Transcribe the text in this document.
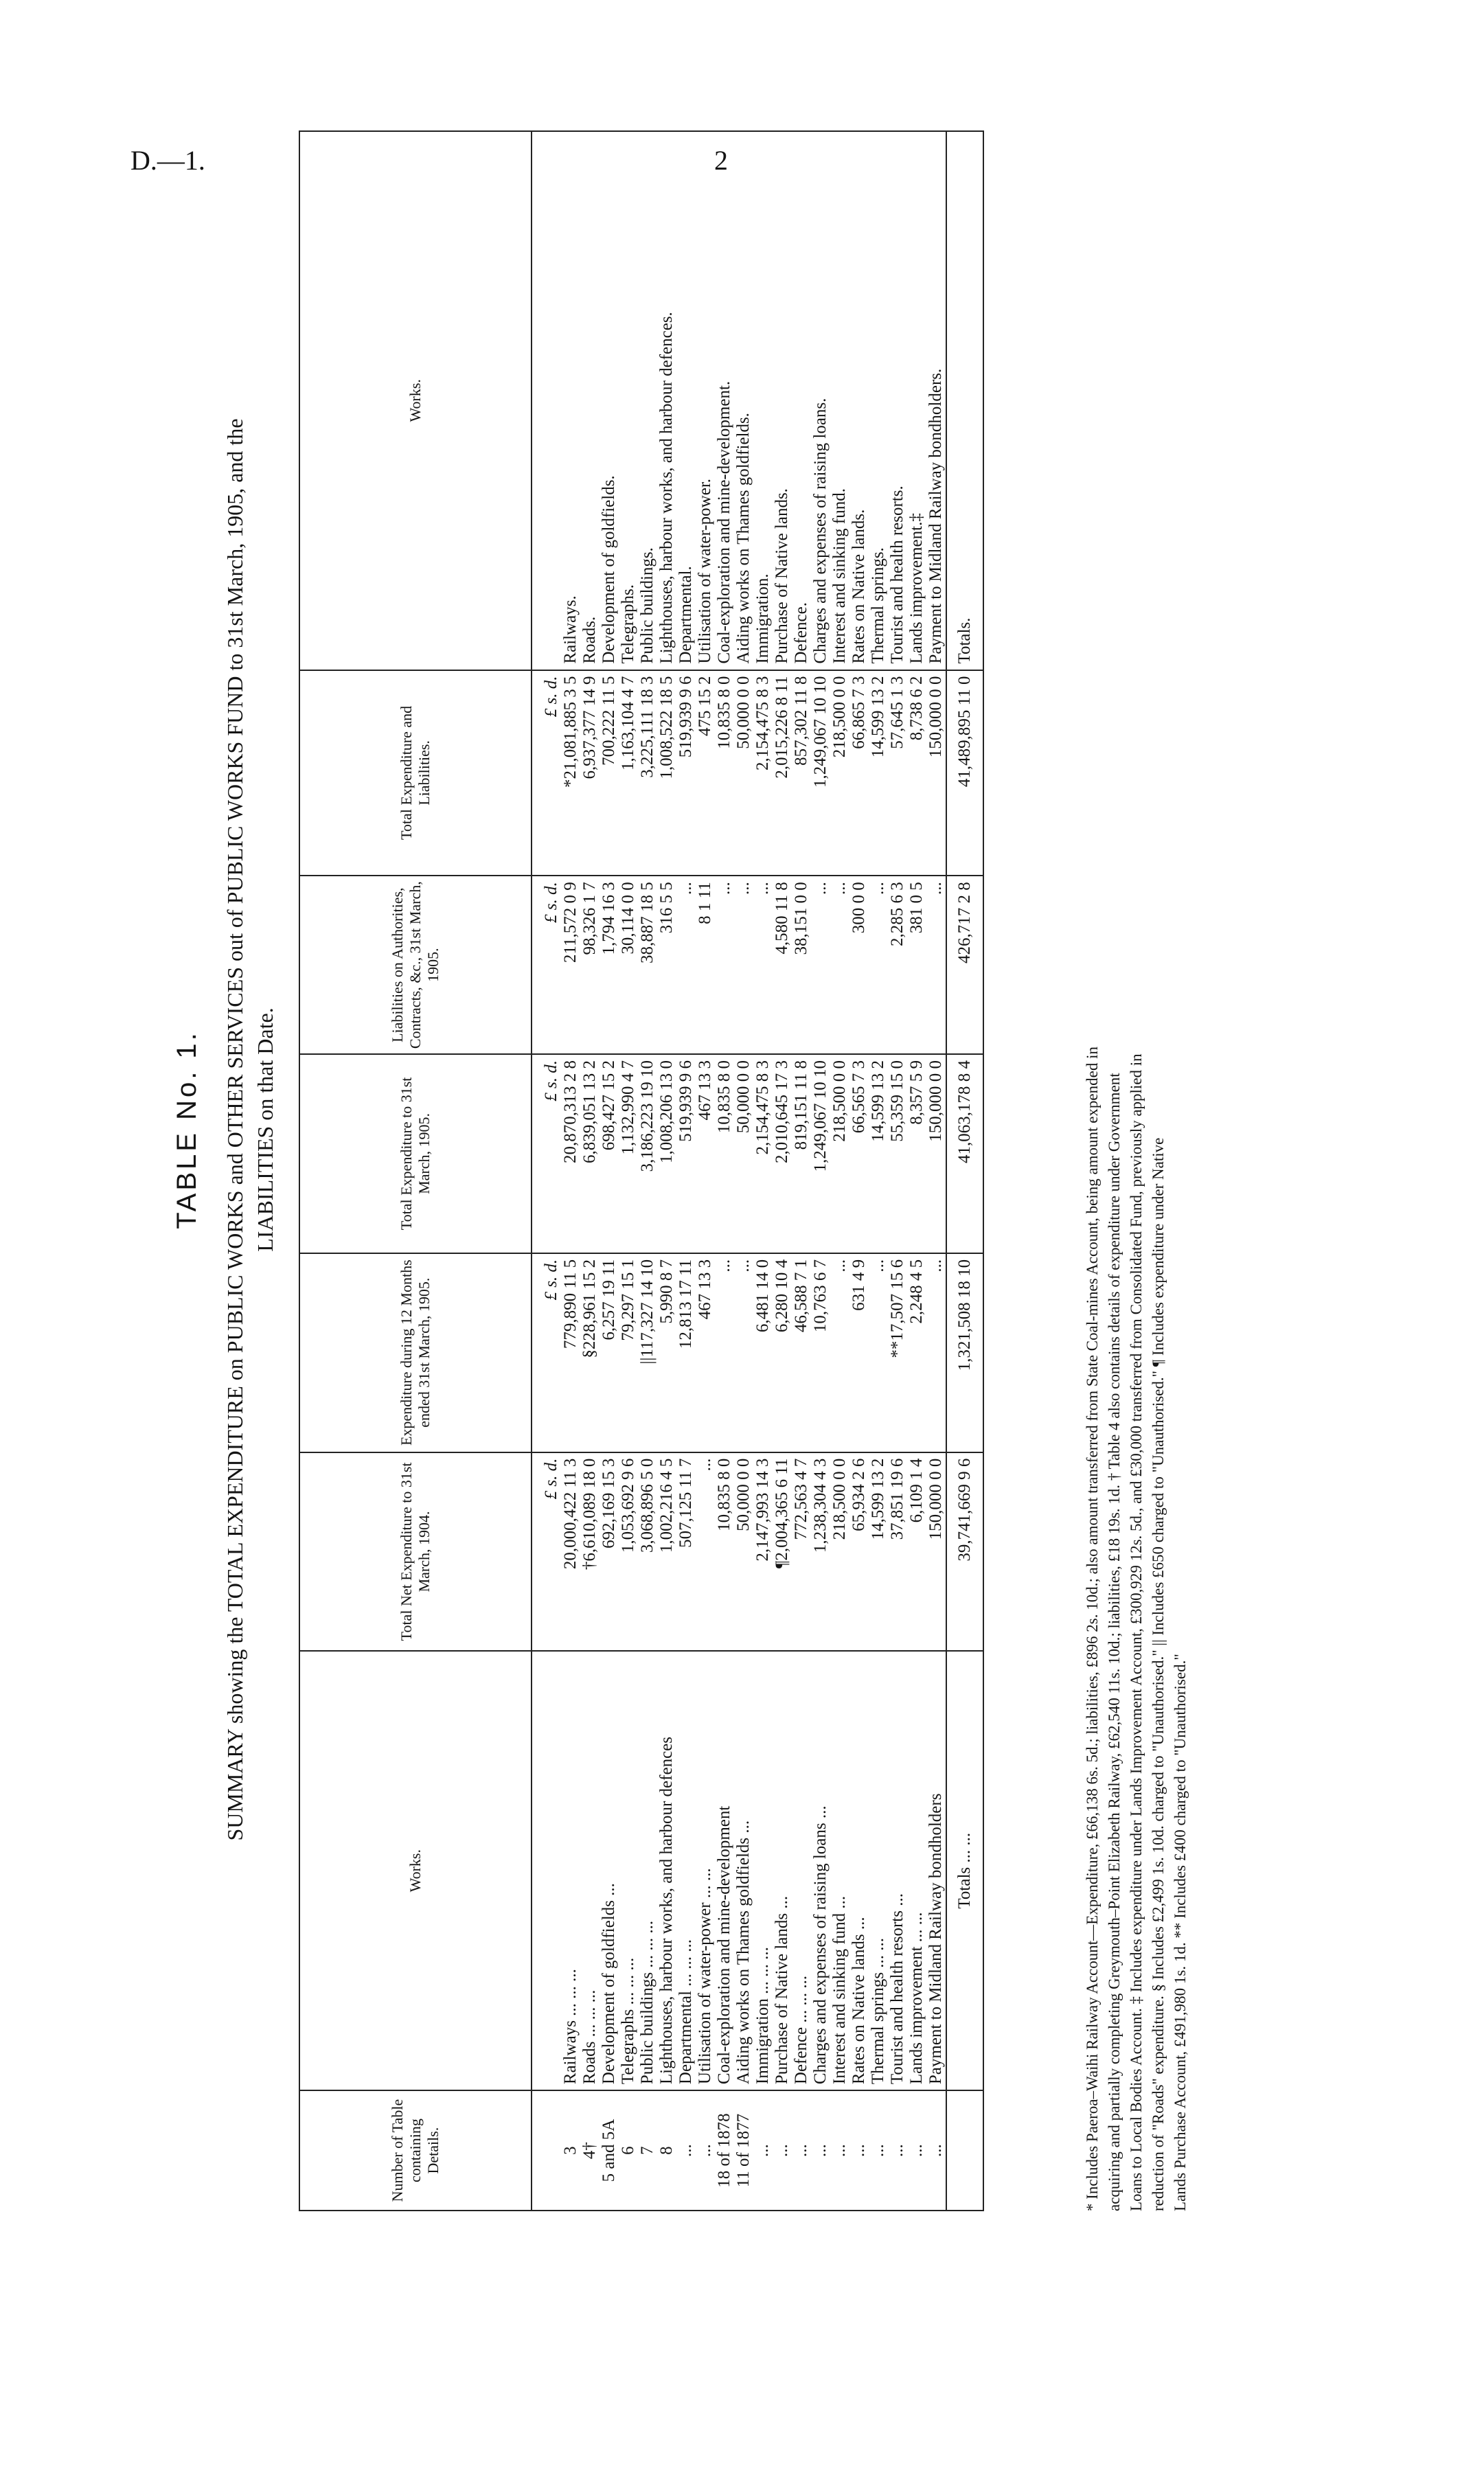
D.—1.	2
TABLE No. 1. SUMMARY showing the TOTAL EXPENDITURE on PUBLIC WORKS and OTHER SERVICES out of PUBLIC WORKS FUND to 31st March, 1905, and the LIABILITIES on that Date.
Number of Table containing Details.	Works.	Total Net Expenditure to 31st March, 1904.	Expenditure during 12 Months ended 31st March, 1905.	Total Expenditure to 31st March, 1905.	Liabilities on Authorities, Contracts, &c., 31st March, 1905.	Total Expenditure and Liabilities.	Works.
		£ s. d.	£ s. d.	£ s. d.	£ s. d.	£ s. d.	
3	Railways ... ... ...	20,000,422 11 3	779,890 11 5	20,870,313 2 8	211,572 0 9	*21,081,885 3 5	Railways.
4†	Roads ... ... ...	†6,610,089 18 0	§228,961 15 2	6,839,051 13 2	98,326 1 7	6,937,377 14 9	Roads.
5 and 5A	Development of goldfields ...	692,169 15 3	6,257 19 11	698,427 15 2	1,794 16 3	700,222 11 5	Development of goldfields.
6	Telegraphs ... ... ...	1,053,692 9 6	79,297 15 1	1,132,990 4 7	30,114 0 0	1,163,104 4 7	Telegraphs.
7	Public buildings ... ... ...	3,068,896 5 0	||117,327 14 10	3,186,223 19 10	38,887 18 5	3,225,111 18 3	Public buildings.
8	Lighthouses, harbour works, and harbour defences	1,002,216 4 5	5,990 8 7	1,008,206 13 0	316 5 5	1,008,522 18 5	Lighthouses, harbour works, and harbour defences.
...	Departmental ... ... ...	507,125 11 7	12,813 17 11	519,939 9 6	...	519,939 9 6	Departmental.
...	Utilisation of water-power ... ...	...	467 13 3	467 13 3	8 1 11	475 15 2	Utilisation of water-power.
18 of 1878	Coal-exploration and mine-development	10,835 8 0	...	10,835 8 0	...	10,835 8 0	Coal-exploration and mine-development.
11 of 1877	Aiding works on Thames goldfields ...	50,000 0 0	...	50,000 0 0	...	50,000 0 0	Aiding works on Thames goldfields.
...	Immigration ... ... ...	2,147,993 14 3	6,481 14 0	2,154,475 8 3	...	2,154,475 8 3	Immigration.
...	Purchase of Native lands ...	¶2,004,365 6 11	6,280 10 4	2,010,645 17 3	4,580 11 8	2,015,226 8 11	Purchase of Native lands.
...	Defence ... ... ...	772,563 4 7	46,588 7 1	819,151 11 8	38,151 0 0	857,302 11 8	Defence.
...	Charges and expenses of raising loans ...	1,238,304 4 3	10,763 6 7	1,249,067 10 10	...	1,249,067 10 10	Charges and expenses of raising loans.
...	Interest and sinking fund ...	218,500 0 0	...	218,500 0 0	...	218,500 0 0	Interest and sinking fund.
...	Rates on Native lands ...	65,934 2 6	631 4 9	66,565 7 3	300 0 0	66,865 7 3	Rates on Native lands.
...	Thermal springs ... ...	14,599 13 2	...	14,599 13 2	...	14,599 13 2	Thermal springs.
...	Tourist and health resorts ...	37,851 19 6	**17,507 15 6	55,359 15 0	2,285 6 3	57,645 1 3	Tourist and health resorts.
...	Lands improvement ... ...	6,109 1 4	2,248 4 5	8,357 5 9	381 0 5	8,738 6 2	Lands improvement.‡
...	Payment to Midland Railway bondholders	150,000 0 0	...	150,000 0 0	...	150,000 0 0	Payment to Midland Railway bondholders.
	Totals ... ...	39,741,669 9 6	1,321,508 18 10	41,063,178 8 4	426,717 2 8	41,489,895 11 0	Totals.

* Includes Paeroa–Waihi Railway Account—Expenditure, £66,138 6s. 5d.; liabilities, £896 2s. 10d.; also amount transferred from State Coal-mines Account, being amount expended in acquiring and partially completing Greymouth–Point Elizabeth Railway, £62,540 11s. 10d.; liabilities, £18 19s. 1d. † Table 4 also contains details of expenditure under Government Loans to Local Bodies Account. ‡ Includes expenditure under Lands Improvement Account, £300,929 12s. 5d., and £30,000 transferred from Consolidated Fund, previously applied in reduction of "Roads" expenditure. § Includes £2,499 1s. 10d. charged to "Unauthorised." || Includes £650 charged to "Unauthorised." ¶ Includes expenditure under Native Lands Purchase Account, £491,980 1s. 1d. ** Includes £400 charged to "Unauthorised."
